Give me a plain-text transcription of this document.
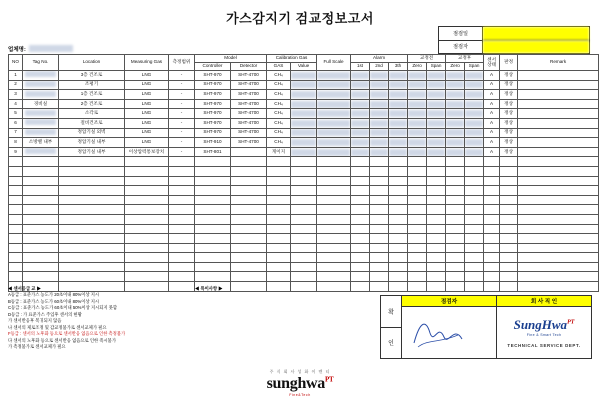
가스감지기 검교정보고서
점검일
점검자
업체명:
NO	Tag No.	Location	Measuring Gas	측정범위	Model		Calibration Gas		Full Scale	Alarm			교정전		교정후		센서
상태	판정	Remark
					Controller	Detector	GAS	Value		1st	2nd	3th	Zero	Span	Zero	Span			
1		3층 건조로	LNG	-	SHT-970	SHT-4700	CH₄										A	정상	
2		조평기	LNG	-	SHT-970	SHT-4700	CH₄										A	정상	
3		1층 건조로	LNG	-	SHT-970	SHT-4700	CH₄										A	정상	
4	경비실	2층 건조로	LNG	-	SHT-970	SHT-4700	CH₄										A	정상	
5		소각로	LNG	-	SHT-970	SHT-4700	CH₄										A	정상	
6		절비건조로	LNG	-	SHT-970	SHT-4700	CH₄										A	정상	
7		정압기실 외벽	LNG	-	SHT-970	SHT-4700	CH₄										A	정상	
8	소방밸 내부	정압기실 내부	LNG	-	SHT-910	SHT-4700	CH₄										A	정상	
9		정압기실 내부	이상압력통보장치	-	SHT-801		게이지										A	정상	

◀ 센서등급 교 ▶
A등급 : 표준가스 농도가 20초이내 80%이상 지시
B등급 : 표준가스 농도가 60초이내 80%이상 지시
C등급 : 표준가스 농도가 60초이내 50%이상 지시되지 못함
D등급 : 가 표준가스 주입후 센서의 현황
가 센서반응후 복귀되지 않음
나 센서의 제로조정 및 감교정불가로 센서교체가 필요
F등급 : 센서의 노후화 등으로 센서반응 없음으로 인한 측정불가
다 센서의 노후화 등으로 센서반응 없음으로 인한 즉시불가
가 측정불가로 센서교체가 필요
◀ 특이사항 ▶
확
인
점검자	회 사 직 인
SungHwa$^{PT}$
Fine & Smart Tech
TECHNICAL SERVICE DEPT.
주 식 회 사 성 화 이 엔 티
sunghwa$^{PT}$
Fine&Tech
